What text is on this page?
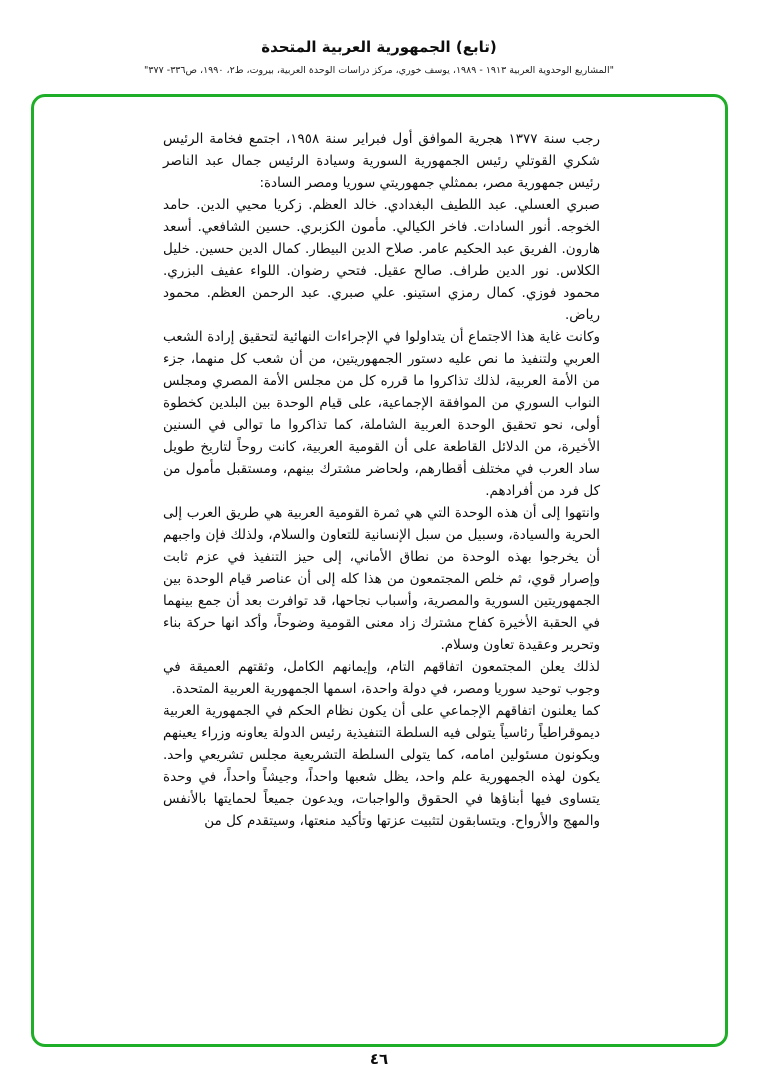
(تابع) الجمهورية العربية المتحدة
"المشاريع الوحدوية العربية ١٩١٣ - ١٩٨٩، يوسف خوري، مركز دراسات الوحدة العربية، بيروت، ط٢، ١٩٩٠، ص٣٣٦- ٣٧٧"

رجب سنة ١٣٧٧ هجرية الموافق أول فبراير سنة ١٩٥٨، اجتمع فخامة الرئيس شكري القوتلي رئيس الجمهورية السورية وسيادة الرئيس جمال عبد الناصر رئيس جمهورية مصر، بممثلي جمهوريتي سوريا ومصر السادة:

صبري العسلي. عبد اللطيف البغدادي. خالد العظم. زكريا محيي الدين. حامد الخوجه. أنور السادات. فاخر الكيالي. مأمون الكزبري. حسين الشافعي. أسعد هارون. الفريق عبد الحكيم عامر. صلاح الدين البيطار. كمال الدين حسين. خليل الكلاس. نور الدين طراف. صالح عقيل. فتحي رضوان. اللواء عفيف البزري. محمود فوزي. كمال رمزي استينو. علي صبري. عبد الرحمن العظم. محمود رياض.

وكانت غاية هذا الاجتماع أن يتداولوا في الإجراءات النهائية لتحقيق إرادة الشعب العربي ولتنفيذ ما نص عليه دستور الجمهوريتين، من أن شعب كل منهما، جزء من الأمة العربية، لذلك تذاكروا ما قرره كل من مجلس الأمة المصري ومجلس النواب السوري من الموافقة الإجماعية، على قيام الوحدة بين البلدين كخطوة أولى، نحو تحقيق الوحدة العربية الشاملة، كما تذاكروا ما توالى في السنين الأخيرة، من الدلائل القاطعة على أن القومية العربية، كانت روحاً لتاريخ طويل ساد العرب في مختلف أقطارهم، ولحاضر مشترك بينهم، ومستقبل مأمول من كل فرد من أفرادهم.

وانتهوا إلى أن هذه الوحدة التي هي ثمرة القومية العربية هي طريق العرب إلى الحرية والسيادة، وسبيل من سبل الإنسانية للتعاون والسلام، ولذلك فإن واجبهم أن يخرجوا بهذه الوحدة من نطاق الأماني، إلى حيز التنفيذ في عزم ثابت وإصرار قوي، ثم خلص المجتمعون من هذا كله إلى أن عناصر قيام الوحدة بين الجمهوريتين السورية والمصرية، وأسباب نجاحها، قد توافرت بعد أن جمع بينهما في الحقبة الأخيرة كفاح مشترك زاد معنى القومية وضوحاً، وأكد انها حركة بناء وتحرير وعقيدة تعاون وسلام.

لذلك يعلن المجتمعون اتفاقهم التام، وإيمانهم الكامل، وثقتهم العميقة في وجوب توحيد سوريا ومصر، في دولة واحدة، اسمها الجمهورية العربية المتحدة.

كما يعلنون اتفاقهم الإجماعي على أن يكون نظام الحكم في الجمهورية العربية ديموقراطياً رئاسياً يتولى فيه السلطة التنفيذية رئيس الدولة يعاونه وزراء يعينهم ويكونون مسئولين امامه، كما يتولى السلطة التشريعية مجلس تشريعي واحد. يكون لهذه الجمهورية علم واحد، يظل شعبها واحداً، وجيشاً واحداً، في وحدة يتساوى فيها أبناؤها في الحقوق والواجبات، ويدعون جميعاً لحمايتها بالأنفس والمهج والأرواح. ويتسابقون لتثبيت عزتها وتأكيد منعتها، وسيتقدم كل من

٤٦
